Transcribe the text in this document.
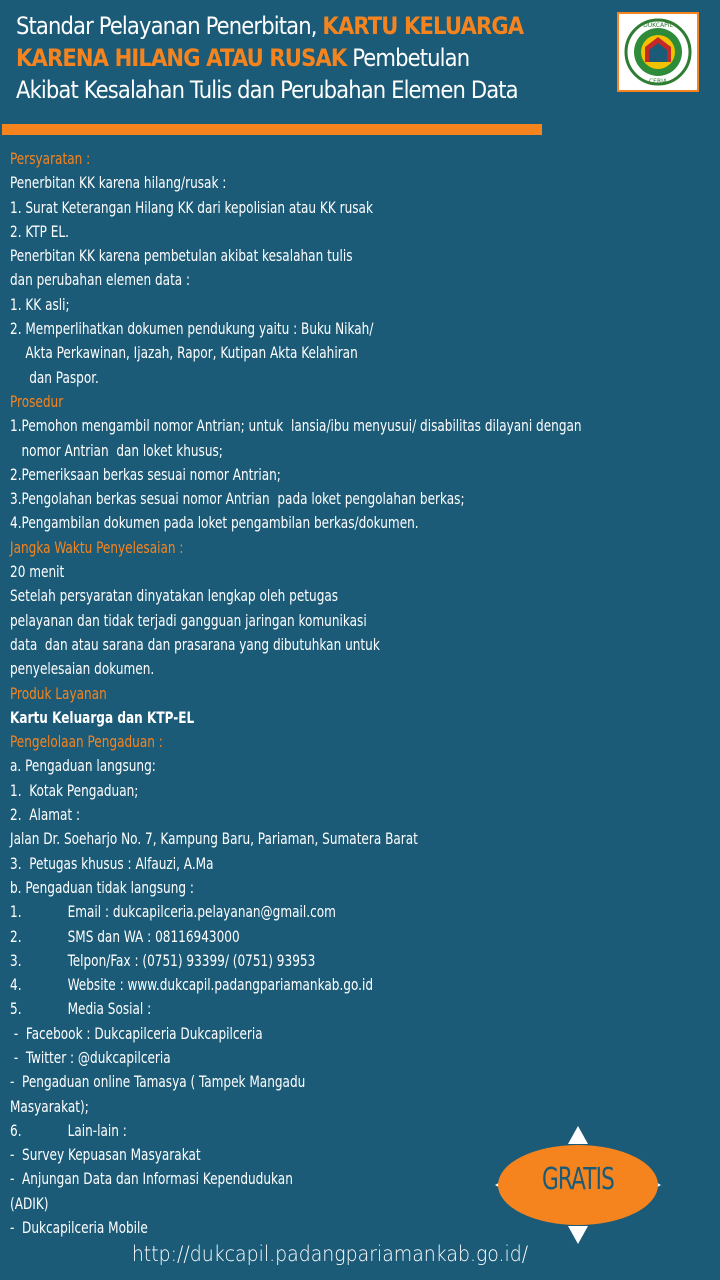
Standar Pelayanan Penerbitan, KARTU KELUARGA
KARENA HILANG ATAU RUSAK Pembetulan
Akibat Kesalahan Tulis dan Perubahan Elemen Data
DUKCAPIL
CERIA
Persyaratan :
Penerbitan KK karena hilang/rusak :
1. Surat Keterangan Hilang KK dari kepolisian atau KK rusak
2. KTP EL.
Penerbitan KK karena pembetulan akibat kesalahan tulis
dan perubahan elemen data :
1. KK asli;
2. Memperlihatkan dokumen pendukung yaitu : Buku Nikah/
Akta Perkawinan, Ijazah, Rapor, Kutipan Akta Kelahiran
dan Paspor.
Prosedur
1.Pemohon mengambil nomor Antrian; untuk  lansia/ibu menyusui/ disabilitas dilayani dengan
nomor Antrian  dan loket khusus;
2.Pemeriksaan berkas sesuai nomor Antrian;
3.Pengolahan berkas sesuai nomor Antrian  pada loket pengolahan berkas;
4.Pengambilan dokumen pada loket pengambilan berkas/dokumen.
Jangka Waktu Penyelesaian :
20 menit
Setelah persyaratan dinyatakan lengkap oleh petugas
pelayanan dan tidak terjadi gangguan jaringan komunikasi
data  dan atau sarana dan prasarana yang dibutuhkan untuk
penyelesaian dokumen.
Produk Layanan
Kartu Keluarga dan KTP-EL
Pengelolaan Pengaduan :
a. Pengaduan langsung:
1.  Kotak Pengaduan;
2.  Alamat :
Jalan Dr. Soeharjo No. 7, Kampung Baru, Pariaman, Sumatera Barat
3.  Petugas khusus : Alfauzi, A.Ma
b. Pengaduan tidak langsung :
1.            Email : dukcapilceria.pelayanan@gmail.com
2.            SMS dan WA : 08116943000
3.            Telpon/Fax : (0751) 93399/ (0751) 93953
4.            Website : www.dukcapil.padangpariamankab.go.id
5.            Media Sosial :
-  Facebook : Dukcapilceria Dukcapilceria
-  Twitter : @dukcapilceria
-  Pengaduan online Tamasya ( Tampek Mangadu
Masyarakat);
6.            Lain-lain :
-  Survey Kepuasan Masyarakat
-  Anjungan Data dan Informasi Kependudukan
(ADIK)
-  Dukcapilceria Mobile
GRATIS
http://dukcapil.padangpariamankab.go.id/
